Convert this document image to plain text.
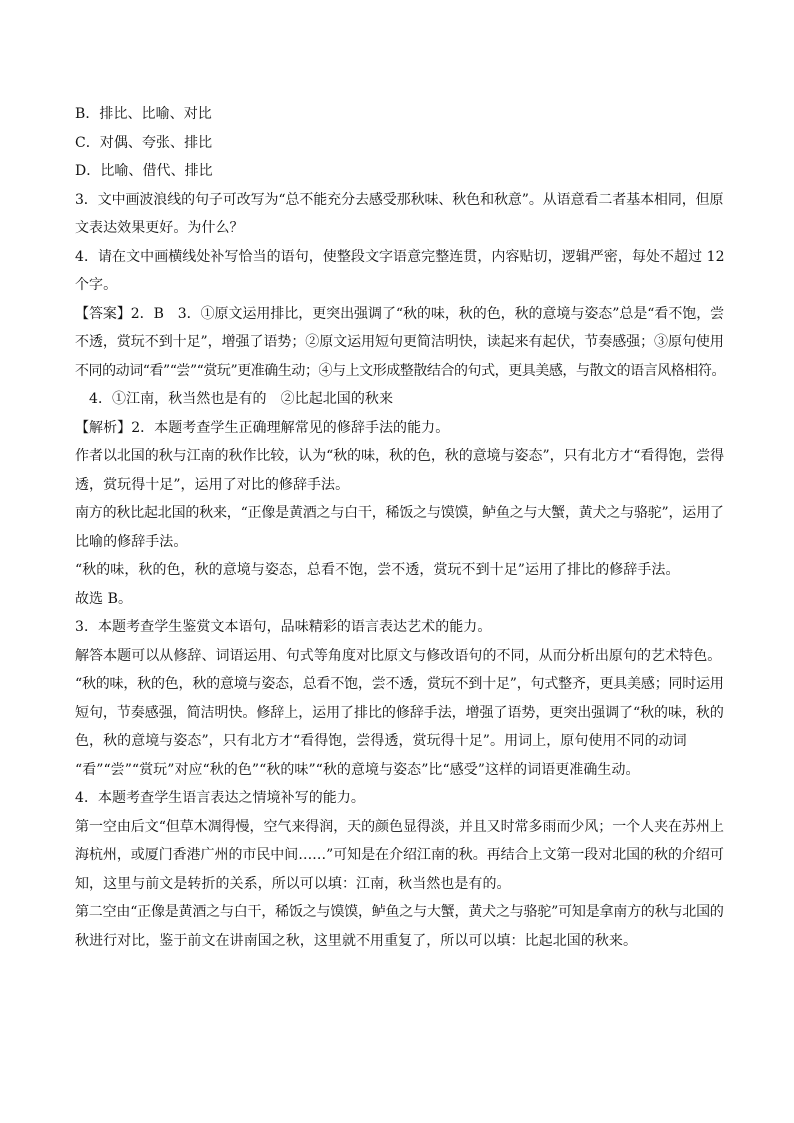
B．排比、比喻、对比
C．对偶、夸张、排比
D．比喻、借代、排比
3．文中画波浪线的句子可改写为“总不能充分去感受那秋味、秋色和秋意”。从语意看二者基本相同，但原
文表达效果更好。为什么？
4．请在文中画横线处补写恰当的语句，使整段文字语意完整连贯，内容贴切，逻辑严密，每处不超过 12
个字。
【答案】2．B　3．①原文运用排比，更突出强调了“秋的味，秋的色，秋的意境与姿态”总是“看不饱，尝
不透，赏玩不到十足”，增强了语势；②原文运用短句更简洁明快，读起来有起伏，节奏感强；③原句使用
不同的动词“看”“尝”“赏玩”更准确生动；④与上文形成整散结合的句式，更具美感，与散文的语言风格相符。
4．①江南，秋当然也是有的　②比起北国的秋来
【解析】2．本题考查学生正确理解常见的修辞手法的能力。
作者以北国的秋与江南的秋作比较，认为“秋的味，秋的色，秋的意境与姿态”，只有北方才“看得饱，尝得
透，赏玩得十足”，运用了对比的修辞手法。
南方的秋比起北国的秋来，“正像是黄酒之与白干，稀饭之与馍馍，鲈鱼之与大蟹，黄犬之与骆驼”，运用了
比喻的修辞手法。
“秋的味，秋的色，秋的意境与姿态，总看不饱，尝不透，赏玩不到十足”运用了排比的修辞手法。
故选 B。
3．本题考查学生鉴赏文本语句，品味精彩的语言表达艺术的能力。
解答本题可以从修辞、词语运用、句式等角度对比原文与修改语句的不同，从而分析出原句的艺术特色。
“秋的味，秋的色，秋的意境与姿态，总看不饱，尝不透，赏玩不到十足”，句式整齐，更具美感；同时运用
短句，节奏感强，简洁明快。修辞上，运用了排比的修辞手法，增强了语势，更突出强调了“秋的味，秋的
色，秋的意境与姿态”，只有北方才“看得饱，尝得透，赏玩得十足”。用词上，原句使用不同的动词
“看”“尝”“赏玩”对应“秋的色”“秋的味”“秋的意境与姿态”比“感受”这样的词语更准确生动。
4．本题考查学生语言表达之情境补写的能力。
第一空由后文“但草木凋得慢，空气来得润，天的颜色显得淡，并且又时常多雨而少风；一个人夹在苏州上
海杭州，或厦门香港广州的市民中间……”可知是在介绍江南的秋。再结合上文第一段对北国的秋的介绍可
知，这里与前文是转折的关系，所以可以填：江南，秋当然也是有的。
第二空由“正像是黄酒之与白干，稀饭之与馍馍，鲈鱼之与大蟹，黄犬之与骆驼”可知是拿南方的秋与北国的
秋进行对比，鉴于前文在讲南国之秋，这里就不用重复了，所以可以填：比起北国的秋来。
